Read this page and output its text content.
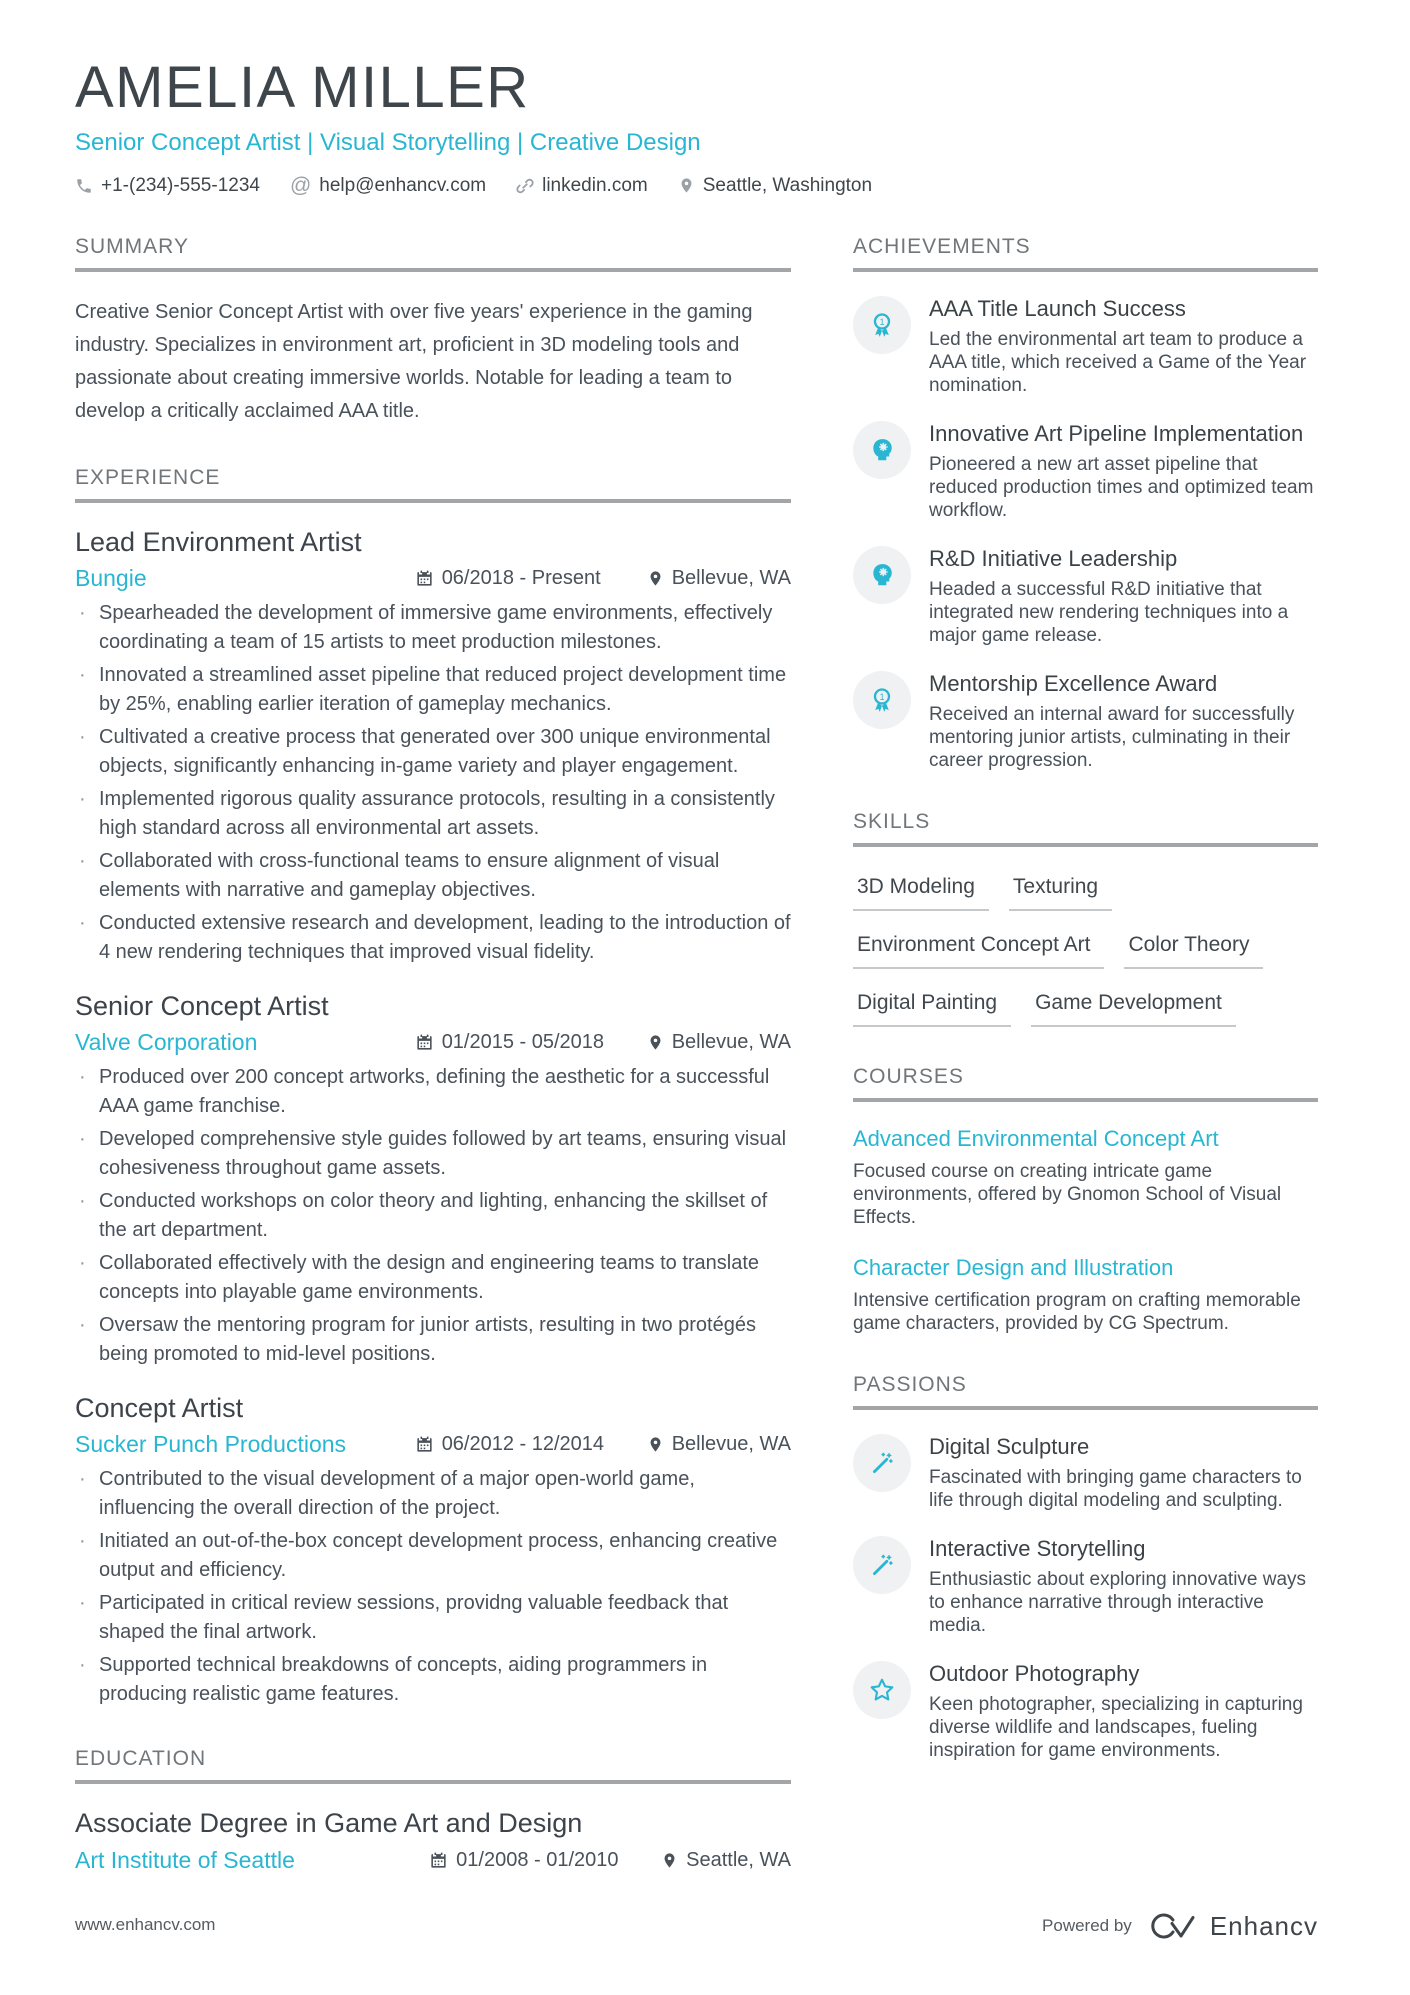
AMELIA MILLER
Senior Concept Artist | Visual Storytelling | Creative Design
+1-(234)-555-1234 @ help@enhancv.com	linkedin.com	Seattle, Washington
SUMMARY

Creative Senior Concept Artist with over five years' experience in the gaming industry. Specializes in environment art, proficient in 3D modeling tools and passionate about creating immersive worlds. Notable for leading a team to develop a critically acclaimed AAA title.

EXPERIENCE
Lead Environment Artist
Bungie	06/2018 - Present	Bellevue, WA
· Spearheaded the development of immersive game environments, effectively coordinating a team of 15 artists to meet production milestones.
· Innovated a streamlined asset pipeline that reduced project development time by 25%, enabling earlier iteration of gameplay mechanics.
· Cultivated a creative process that generated over 300 unique environmental objects, significantly enhancing in-game variety and player engagement.
· Implemented rigorous quality assurance protocols, resulting in a consistently high standard across all environmental art assets.
· Collaborated with cross-functional teams to ensure alignment of visual elements with narrative and gameplay objectives.
· Conducted extensive research and development, leading to the introduction of 4 new rendering techniques that improved visual fidelity.
Senior Concept Artist
Valve Corporation	01/2015 - 05/2018	Bellevue, WA
· Produced over 200 concept artworks, defining the aesthetic for a successful AAA game franchise.
· Developed comprehensive style guides followed by art teams, ensuring visual cohesiveness throughout game assets.
· Conducted workshops on color theory and lighting, enhancing the skillset of the art department.
· Collaborated effectively with the design and engineering teams to translate concepts into playable game environments.
· Oversaw the mentoring program for junior artists, resulting in two protégés being promoted to mid-level positions.
Concept Artist
Sucker Punch Productions	06/2012 - 12/2014	Bellevue, WA
· Contributed to the visual development of a major open-world game, influencing the overall direction of the project.
· Initiated an out-of-the-box concept development process, enhancing creative output and efficiency.
· Participated in critical review sessions, providng valuable feedback that shaped the final artwork.
· Supported technical breakdowns of concepts, aiding programmers in producing realistic game features.
EDUCATION
Associate Degree in Game Art and Design
Art Institute of Seattle	01/2008 - 01/2010	Seattle, WA
ACHIEVEMENTS
1
AAA Title Launch Success
Led the environmental art team to produce a AAA title, which received a Game of the Year nomination.
Innovative Art Pipeline Implementation
Pioneered a new art asset pipeline that reduced production times and optimized team workflow.
R&D Initiative Leadership
Headed a successful R&D initiative that integrated new rendering techniques into a major game release.
1
Mentorship Excellence Award
Received an internal award for successfully mentoring junior artists, culminating in their career progression.
SKILLS
3D Modeling	Texturing
Environment Concept Art	Color Theory
Digital Painting	Game Development
COURSES
Advanced Environmental Concept Art
Focused course on creating intricate game environments, offered by Gnomon School of Visual Effects.
Character Design and Illustration
Intensive certification program on crafting memorable game characters, provided by CG Spectrum.
PASSIONS
Digital Sculpture
Fascinated with bringing game characters to life through digital modeling and sculpting.
Interactive Storytelling
Enthusiastic about exploring innovative ways to enhance narrative through interactive media.
Outdoor Photography
Keen photographer, specializing in capturing diverse wildlife and landscapes, fueling inspiration for game environments.
www.enhancv.com	Powered by	Enhancv
